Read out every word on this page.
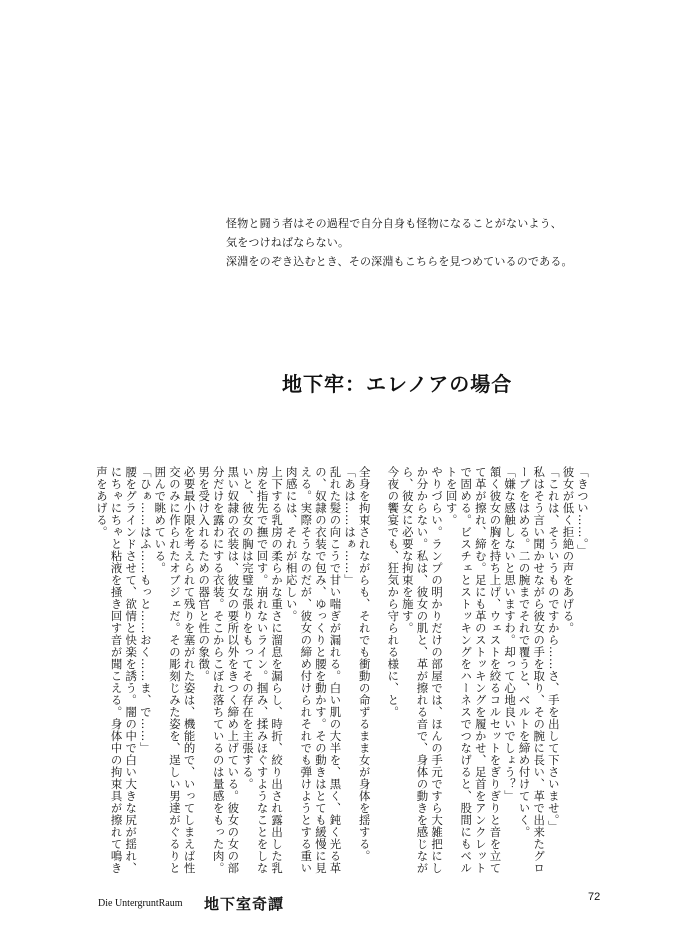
怪物と闘う者はその過程で自分自身も怪物になることがないよう、

気をつけねばならない。

深淵をのぞき込むとき、その深淵もこちらを見つめているのである。

地下牢：エレノアの場合

「きつい……。」

彼女が低く拒絶の声をあげる。

「これは、そういうものですから……さ、手を出して下さいませ。」

私はそう言い聞かせながら彼女の手を取り、その腕に長い、革で出来たグローブをはめる。二の腕までそれで覆うと、ベルトを締め付けていく。

「嫌な感触しないと思いますわ。却って心地良いでしょう？」

頷く彼女の胸を持ち上げ、ウェストを絞るコルセットをぎりぎりと音を立てて革が擦れ、締む。足にも革のストッキングを履かせ、足首をアンクレットで固める。ビスチェとストッキングをハーネスでつなげると、股間にもベルトを回す。

やりづらい。ランプの明かりだけの部屋では、ほんの手元ですら大雑把にしか分からない。私は、彼女の肌と、革が擦れる音で、身体の動きを感じながら、彼女に必要な拘束を施す。

今夜の饗宴でも、狂気から守られる様に、と。

全身を拘束されながらも、それでも衝動の命ずるまま女が身体を揺する。

「あは……はぁ……」

乱れた髪の向こうで甘い喘ぎが漏れる。白い肌の大半を、黒く、鈍く光る革の、奴隷の衣装で包み、ゆっくりと腰を動かす。その動きはとても緩慢に見える。実際そうなのだが、彼女の締め付けられそれでも弾けようとする重い肉感には、それが相応しい。

上下する乳房の柔らかな重さに溜息を漏らし、時折、絞り出され露出した乳房を指先で撫で回す。崩れないライン。掴み、揉みほぐすようなことをしないと、彼女の胸は完璧な張りをもってその存在を主張する。

黒い奴隷の衣装は、彼女の要所以外をきつく締め上げている。彼女の女の部分だけを露わにする衣装。そこからこぼれ落ちているのは量感をもった肉。男を受け入れるための器官と性の象徴。

必要最小限を考えられて残りを塞がれた姿は、機能的で、いってしまえば性交のみに作られたオブジェだ。その彫刻じみた姿を、逞しい男達がぐるりと囲んで眺めている。

「ひぁ……はふ……もっと……おく……ま、で……」

腰をグラインドさせて、欲情と快楽を誘う。闇の中で白い大きな尻が揺れ、にちゃにちゃと粘液を掻き回す音が聞こえる。身体中の拘束具が擦れて鳴き声をあげる。

Die UntergruntRaum 地下室奇譚	72
